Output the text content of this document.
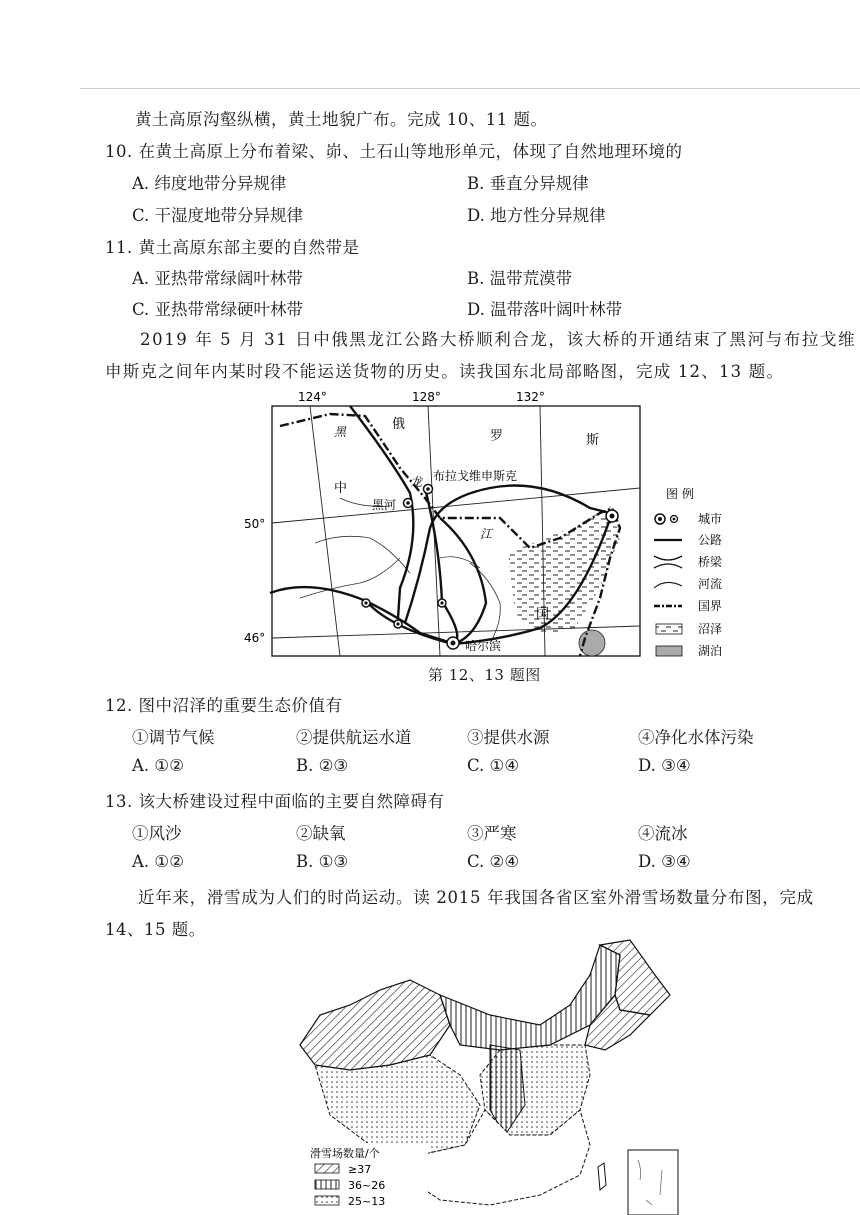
黄土高原沟壑纵横，黄土地貌广布。完成 10、11 题。
10. 在黄土高原上分布着梁、峁、土石山等地形单元，体现了自然地理环境的
A. 纬度地带分异规律	B. 垂直分异规律
C. 干湿度地带分异规律	D. 地方性分异规律
11. 黄土高原东部主要的自然带是
A. 亚热带常绿阔叶林带	B. 温带荒漠带
C. 亚热带常绿硬叶林带	D. 温带落叶阔叶林带
2019 年 5 月 31 日中俄黑龙江公路大桥顺利合龙，该大桥的开通结束了黑河与布拉戈维
申斯克之间年内某时段不能运送货物的历史。读我国东北局部略图，完成 12、13 题。
124°	128°	132°
50°
46°
俄
罗	斯
中
国
黑
龙
江
布拉戈维申斯克
黑河
哈尔滨
图 例
城市
公路
桥梁
河流
国界
沼泽
湖泊
第 12、13 题图
12. 图中沼泽的重要生态价值有
①调节气候	②提供航运水道	③提供水源	④净化水体污染
A. ①②	B. ②③	C. ①④	D. ③④
13. 该大桥建设过程中面临的主要自然障碍有
①风沙	②缺氧	③严寒	④流冰
A. ①②	B. ①③	C. ②④	D. ③④
近年来，滑雪成为人们的时尚运动。读 2015 年我国各省区室外滑雪场数量分布图，完成
14、15 题。
滑雪场数量/个
≥37
36~26
25~13
